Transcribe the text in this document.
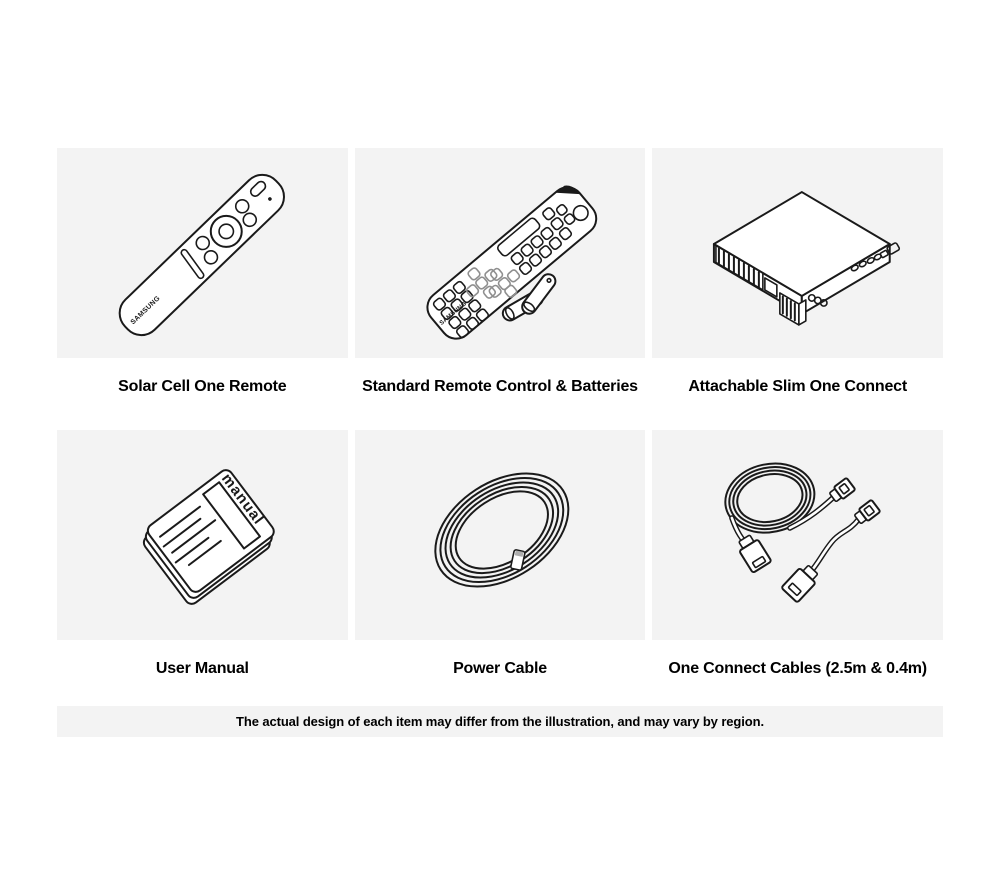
SAMSUNG
Solar Cell One Remote
SAMSUNG
Standard Remote Control & Batteries	Attachable Slim One Connect
manual
User Manual	Power Cable	One Connect Cables (2.5m & 0.4m)
The actual design of each item may differ from the illustration, and may vary by region.
